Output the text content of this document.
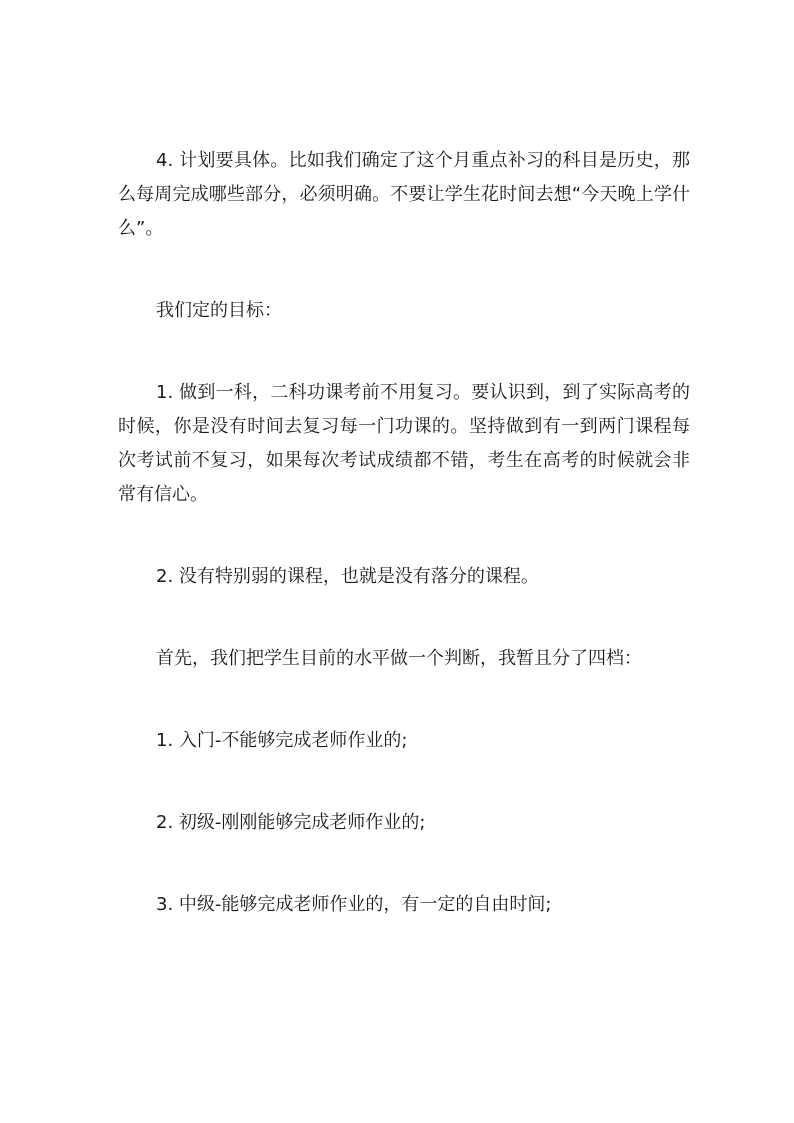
4. 计划要具体。比如我们确定了这个月重点补习的科目是历史，那么每周完成哪些部分，必须明确。不要让学生花时间去想“今天晚上学什么”。

我们定的目标：

1. 做到一科，二科功课考前不用复习。要认识到，到了实际高考的时候，你是没有时间去复习每一门功课的。坚持做到有一到两门课程每次考试前不复习，如果每次考试成绩都不错，考生在高考的时候就会非常有信心。

2. 没有特别弱的课程，也就是没有落分的课程。

首先，我们把学生目前的水平做一个判断，我暂且分了四档：

1. 入门-不能够完成老师作业的;

2. 初级-刚刚能够完成老师作业的;

3. 中级-能够完成老师作业的，有一定的自由时间;
